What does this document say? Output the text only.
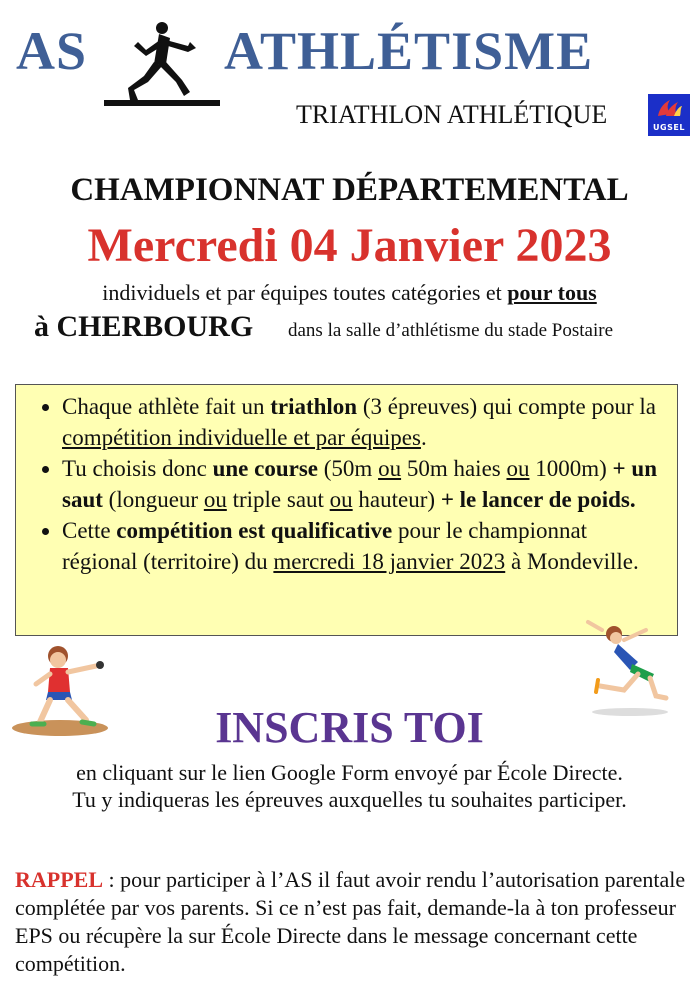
AS	ATHLÉTISME
TRIATHLON ATHLÉTIQUE	UGSEL
CHAMPIONNAT DÉPARTEMENTAL
Mercredi 04 Janvier 2023
individuels et par équipes toutes catégories et pour tous
à CHERBOURG dans la salle d’athlétisme du stade Postaire
• Chaque athlète fait un triathlon (3 épreuves) qui compte pour la compétition individuelle et par équipes.
• Tu choisis donc une course (50m ou 50m haies ou 1000m) + un saut (longueur ou triple saut ou hauteur) + le lancer de poids.
• Cette compétition est qualificative pour le championnat régional (territoire) du mercredi 18 janvier 2023 à Mondeville.
INSCRIS TOI
en cliquant sur le lien Google Form envoyé par École Directe.
Tu y indiqueras les épreuves auxquelles tu souhaites participer.
RAPPEL : pour participer à l’AS il faut avoir rendu l’autorisation parentale complétée par vos parents. Si ce n’est pas fait, demande-la à ton professeur EPS ou récupère la sur École Directe dans le message concernant cette compétition.
